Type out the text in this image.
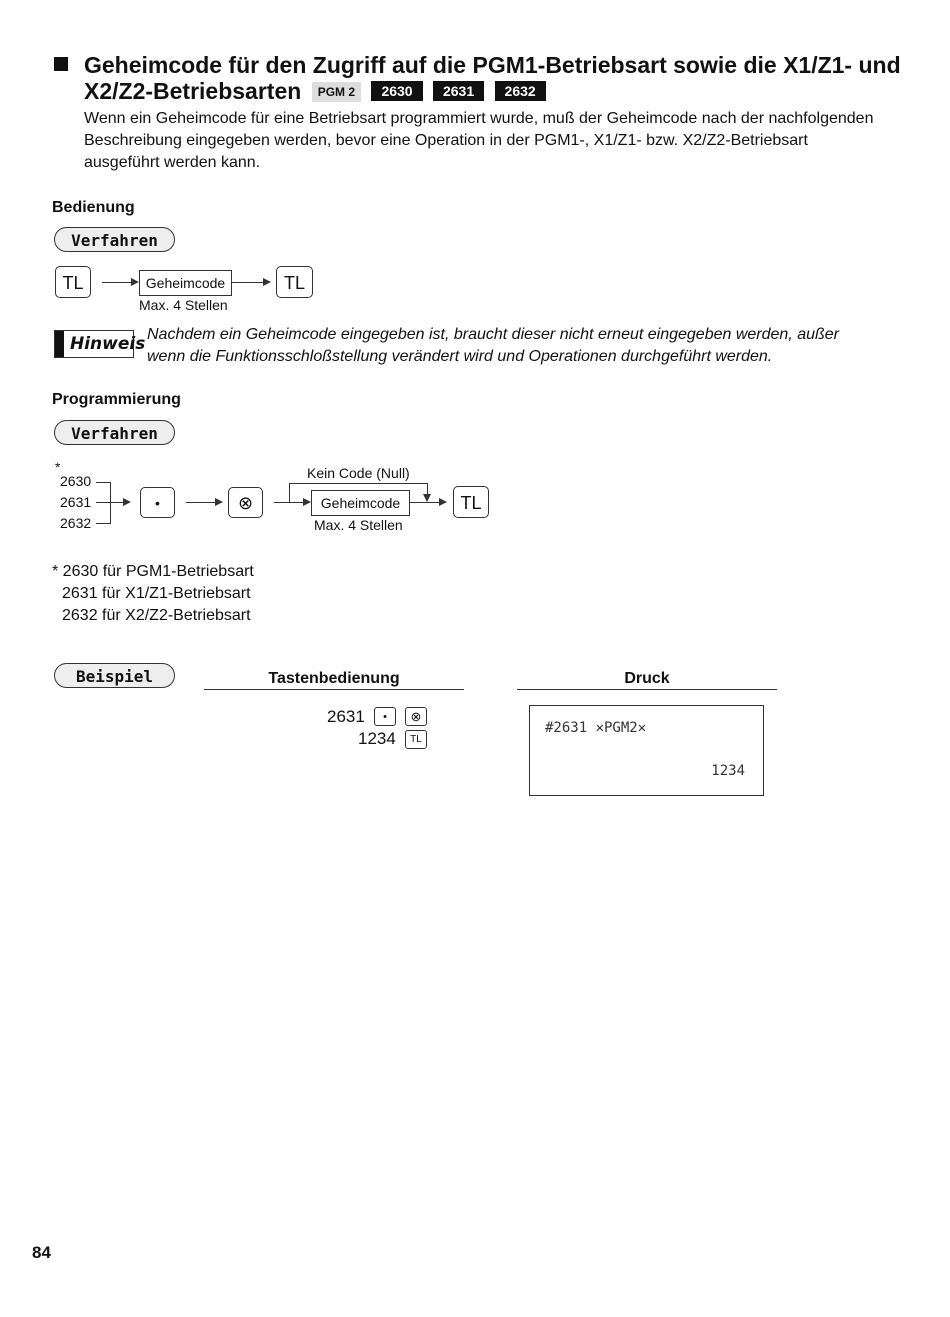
Geheimcode für den Zugriff auf die PGM1-Betriebsart sowie die X1/Z1- und
X2/Z2-Betriebsarten PGM 2 2630 2631 2632
Wenn ein Geheimcode für eine Betriebsart programmiert wurde, muß der Geheimcode nach der nachfolgenden Beschreibung eingegeben werden, bevor eine Operation in der PGM1-, X1/Z1- bzw. X2/Z2-Betriebsart ausgeführt werden kann.
Bedienung
Verfahren
TL	Geheimcode
Max. 4 Stellen
TL
Hinweis Nachdem ein Geheimcode eingegeben ist, braucht dieser nicht erneut eingegeben werden, außer
wenn die Funktionsschloßstellung verändert wird und Operationen durchgeführt werden.
Programmierung
Verfahren
*
2630
2631
2632
•	⊗
Kein Code (Null)
Geheimcode
Max. 4 Stellen
TL
* 2630 für PGM1-Betriebsart
2631 für X1/Z1-Betriebsart
2632 für X2/Z2-Betriebsart
Beispiel	Tastenbedienung	Druck
2631	•	⊗
1234	TL
#2631 ✕PGM2✕
1234
84
